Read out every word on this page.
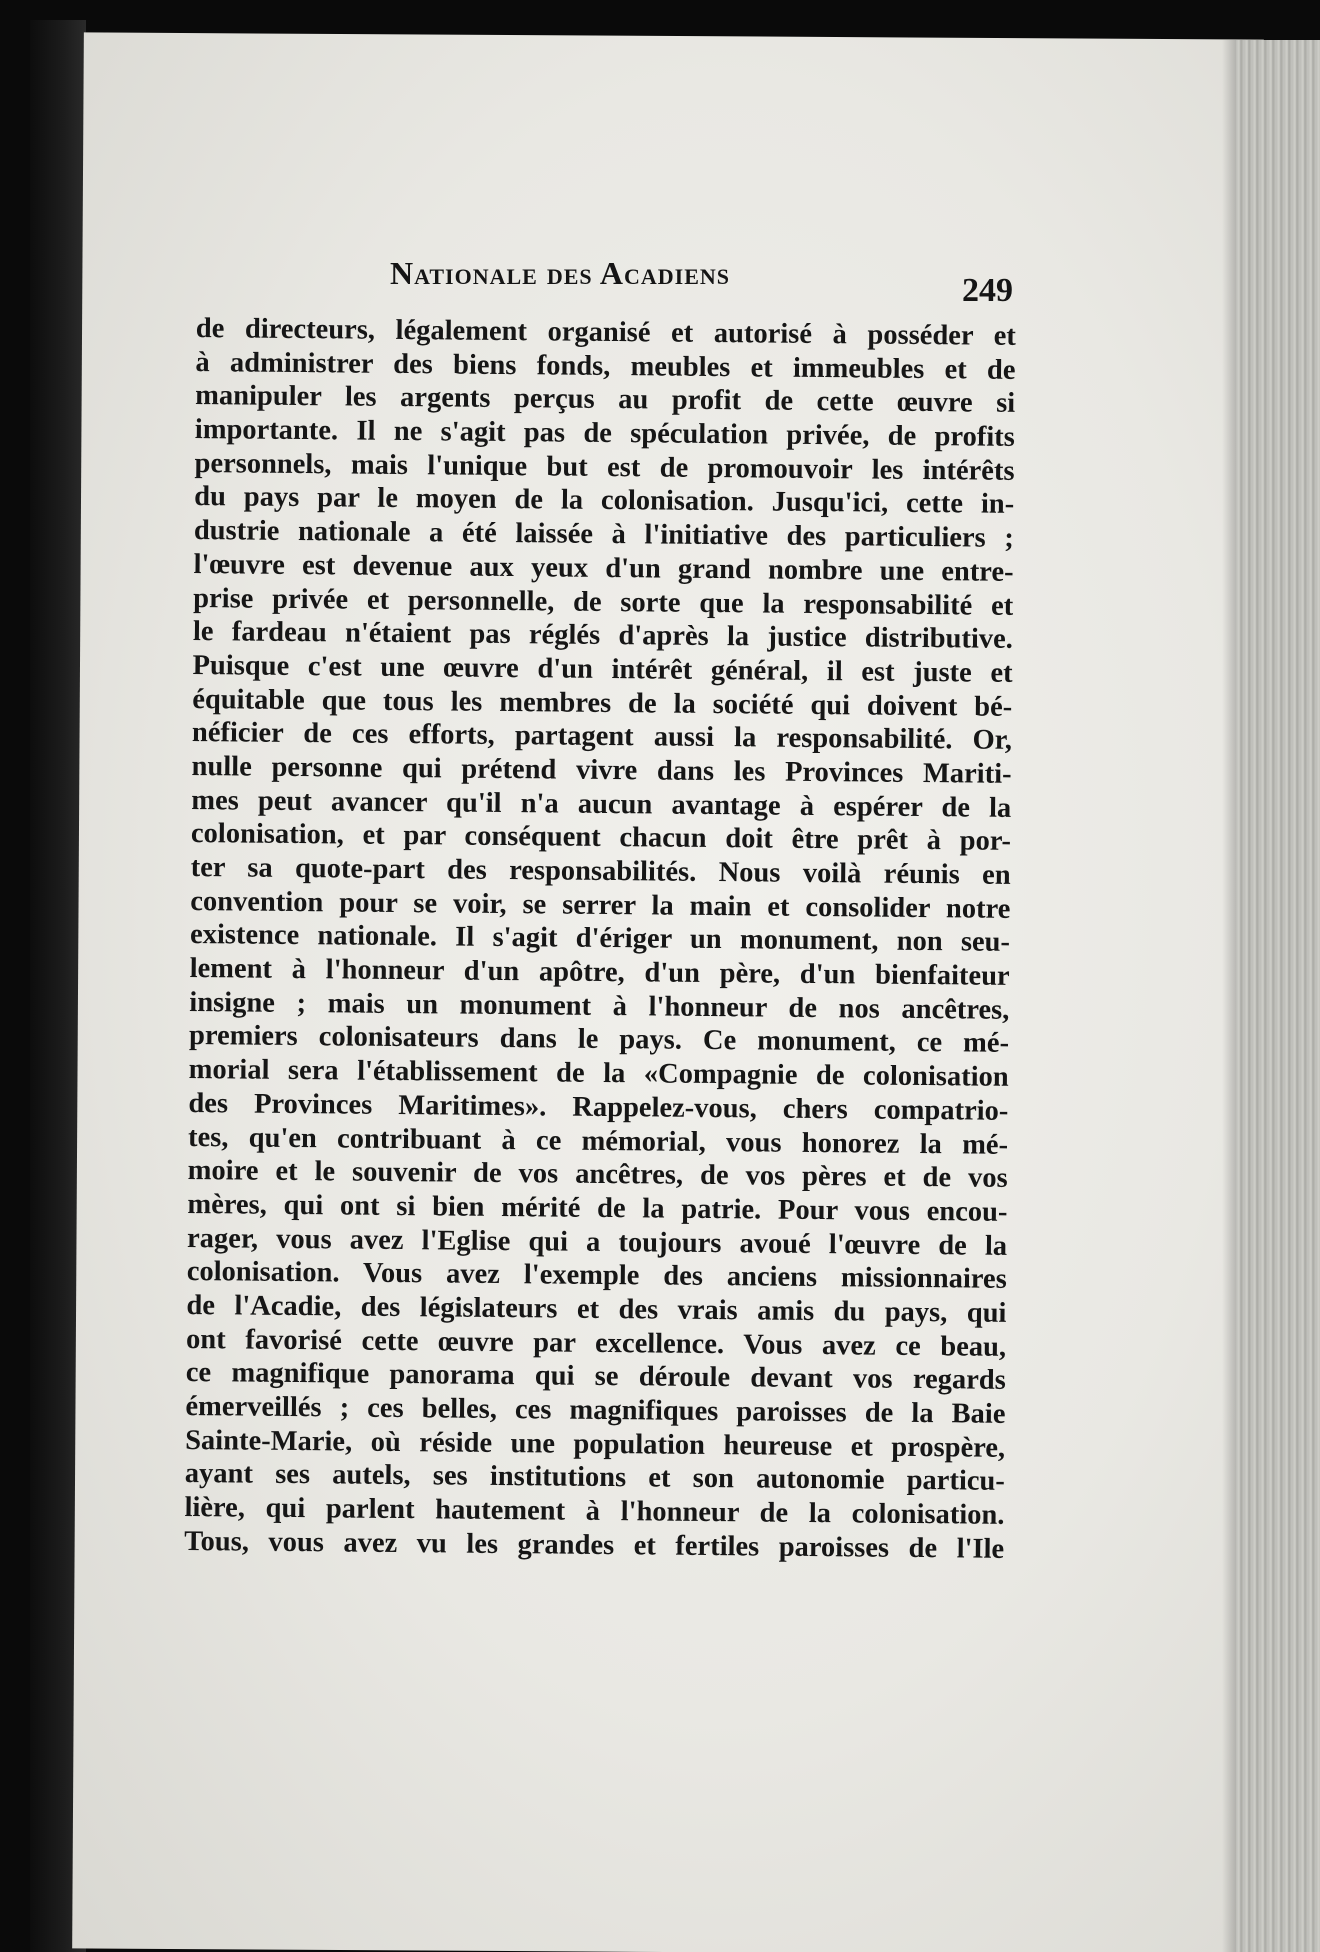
Nationale des Acadiens	249
de directeurs, légalement organisé et autorisé à posséder et
à administrer des biens fonds, meubles et immeubles et de
manipuler les argents perçus au profit de cette œuvre si
importante. Il ne s'agit pas de spéculation privée, de profits
personnels, mais l'unique but est de promouvoir les intérêts
du pays par le moyen de la colonisation. Jusqu'ici, cette in-
dustrie nationale a été laissée à l'initiative des particuliers ;
l'œuvre est devenue aux yeux d'un grand nombre une entre-
prise privée et personnelle, de sorte que la responsabilité et
le fardeau n'étaient pas réglés d'après la justice distributive.
Puisque c'est une œuvre d'un intérêt général, il est juste et
équitable que tous les membres de la société qui doivent bé-
néficier de ces efforts, partagent aussi la responsabilité. Or,
nulle personne qui prétend vivre dans les Provinces Mariti-
mes peut avancer qu'il n'a aucun avantage à espérer de la
colonisation, et par conséquent chacun doit être prêt à por-
ter sa quote-part des responsabilités. Nous voilà réunis en
convention pour se voir, se serrer la main et consolider notre
existence nationale. Il s'agit d'ériger un monument, non seu-
lement à l'honneur d'un apôtre, d'un père, d'un bienfaiteur
insigne ; mais un monument à l'honneur de nos ancêtres,
premiers colonisateurs dans le pays. Ce monument, ce mé-
morial sera l'établissement de la «Compagnie de colonisation
des Provinces Maritimes». Rappelez-vous, chers compatrio-
tes, qu'en contribuant à ce mémorial, vous honorez la mé-
moire et le souvenir de vos ancêtres, de vos pères et de vos
mères, qui ont si bien mérité de la patrie. Pour vous encou-
rager, vous avez l'Eglise qui a toujours avoué l'œuvre de la
colonisation. Vous avez l'exemple des anciens missionnaires
de l'Acadie, des législateurs et des vrais amis du pays, qui
ont favorisé cette œuvre par excellence. Vous avez ce beau,
ce magnifique panorama qui se déroule devant vos regards
émerveillés ; ces belles, ces magnifiques paroisses de la Baie
Sainte-Marie, où réside une population heureuse et prospère,
ayant ses autels, ses institutions et son autonomie particu-
lière, qui parlent hautement à l'honneur de la colonisation.
Tous, vous avez vu les grandes et fertiles paroisses de l'Ile
